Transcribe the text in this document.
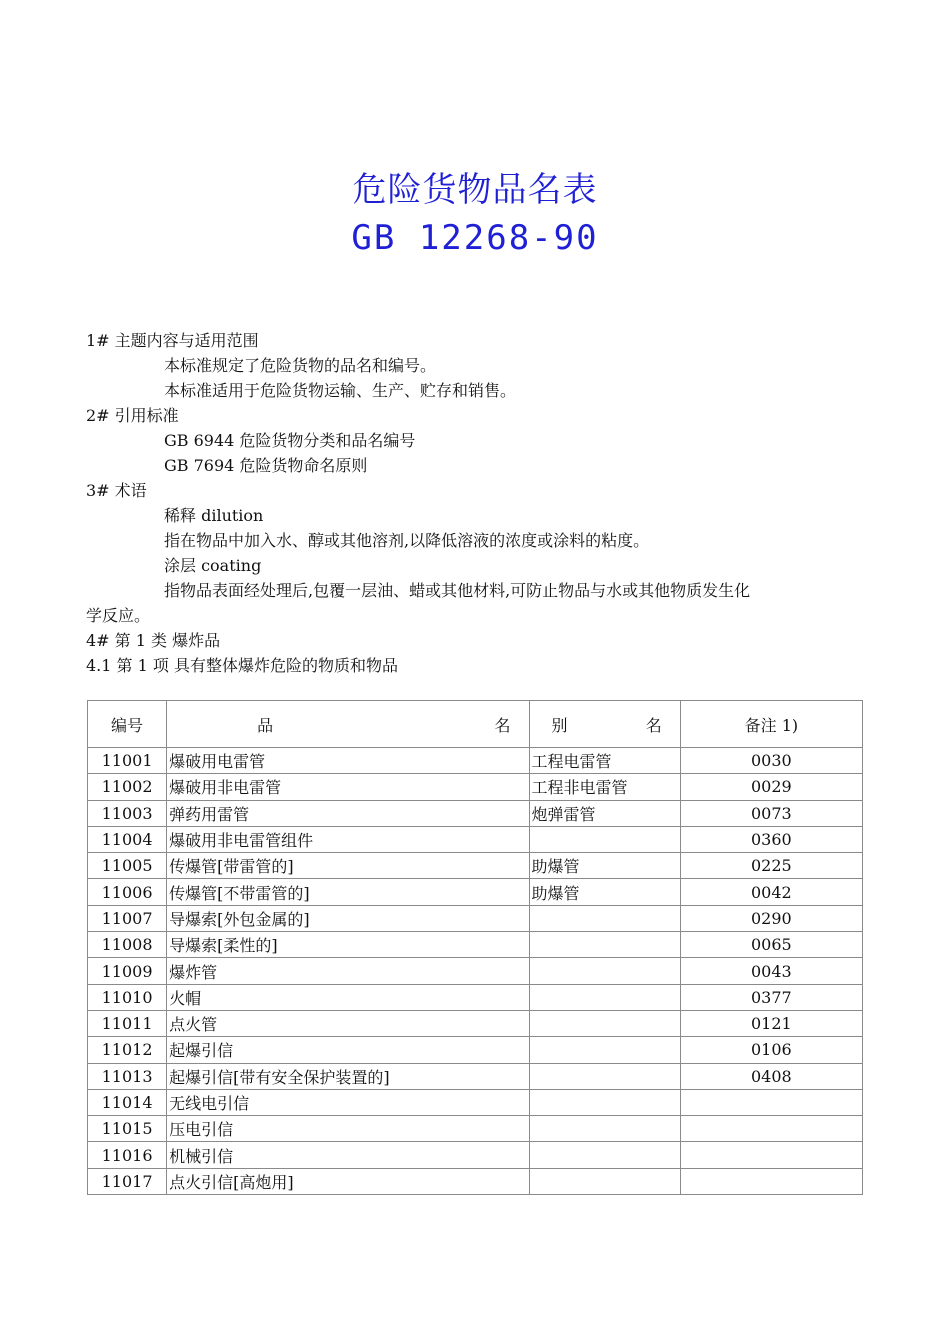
危险货物品名表
GB 12268-90
1# 主题内容与适用范围
本标准规定了危险货物的品名和编号。
本标准适用于危险货物运输、生产、贮存和销售。
2# 引用标准
GB 6944 危险货物分类和品名编号
GB 7694 危险货物命名原则
3# 术语
稀释 dilution
指在物品中加入水、醇或其他溶剂,以降低溶液的浓度或涂料的粘度。
涂层 coating
指物品表面经处理后,包覆一层油、蜡或其他材料,可防止物品与水或其他物质发生化
学反应。
4# 第 1 类 爆炸品
4.1 第 1 项 具有整体爆炸危险的物质和物品
编号	品 名	别 名	备注 1)
11001	爆破用电雷管	工程电雷管	0030
11002	爆破用非电雷管	工程非电雷管	0029
11003	弹药用雷管	炮弹雷管	0073
11004	爆破用非电雷管组件		0360
11005	传爆管[带雷管的]	助爆管	0225
11006	传爆管[不带雷管的]	助爆管	0042
11007	导爆索[外包金属的]		0290
11008	导爆索[柔性的]		0065
11009	爆炸管		0043
11010	火帽		0377
11011	点火管		0121
11012	起爆引信		0106
11013	起爆引信[带有安全保护装置的]		0408
11014	无线电引信		
11015	压电引信		
11016	机械引信		
11017	点火引信[高炮用]		
